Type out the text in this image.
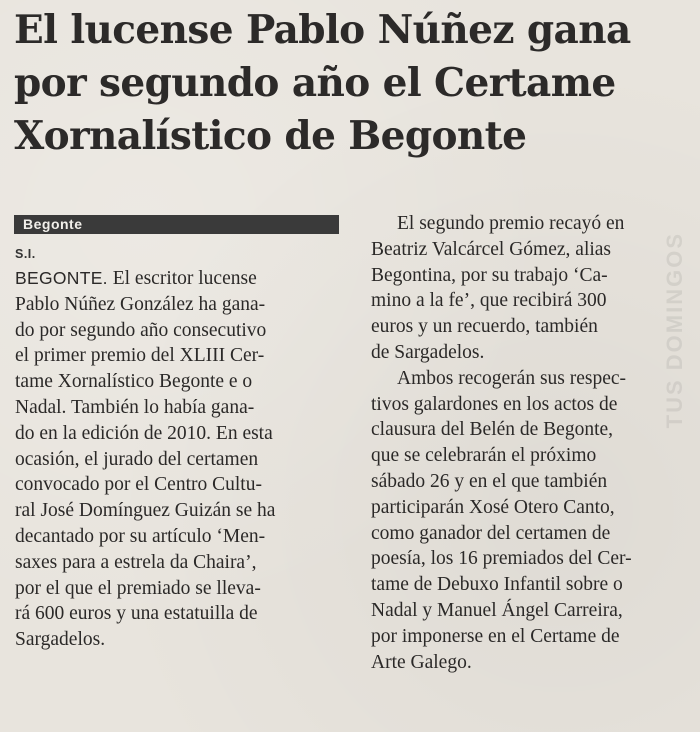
TUS DOMINGOS
El lucense Pablo Núñez gana
por segundo año el Certame
Xornalístico de Begonte
Begonte
S.I.
BEGONTE. El escritor lucense
Pablo Núñez González ha gana-
do por segundo año consecutivo
el primer premio del XLIII Cer-
tame Xornalístico Begonte e o
Nadal. También lo había gana-
do en la edición de 2010. En esta
ocasión, el jurado del certamen
convocado por el Centro Cultu-
ral José Domínguez Guizán se ha
decantado por su artículo ‘Men-
saxes para a estrela da Chaira’,
por el que el premiado se lleva-
rá 600 euros y una estatuilla de
Sargadelos.
El segundo premio recayó en
Beatriz Valcárcel Gómez, alias
Begontina, por su trabajo ‘Ca-
mino a la fe’, que recibirá 300
euros y un recuerdo, también
de Sargadelos.
Ambos recogerán sus respec-
tivos galardones en los actos de
clausura del Belén de Begonte,
que se celebrarán el próximo
sábado 26 y en el que también
participarán Xosé Otero Canto,
como ganador del certamen de
poesía, los 16 premiados del Cer-
tame de Debuxo Infantil sobre o
Nadal y Manuel Ángel Carreira,
por imponerse en el Certame de
Arte Galego.
